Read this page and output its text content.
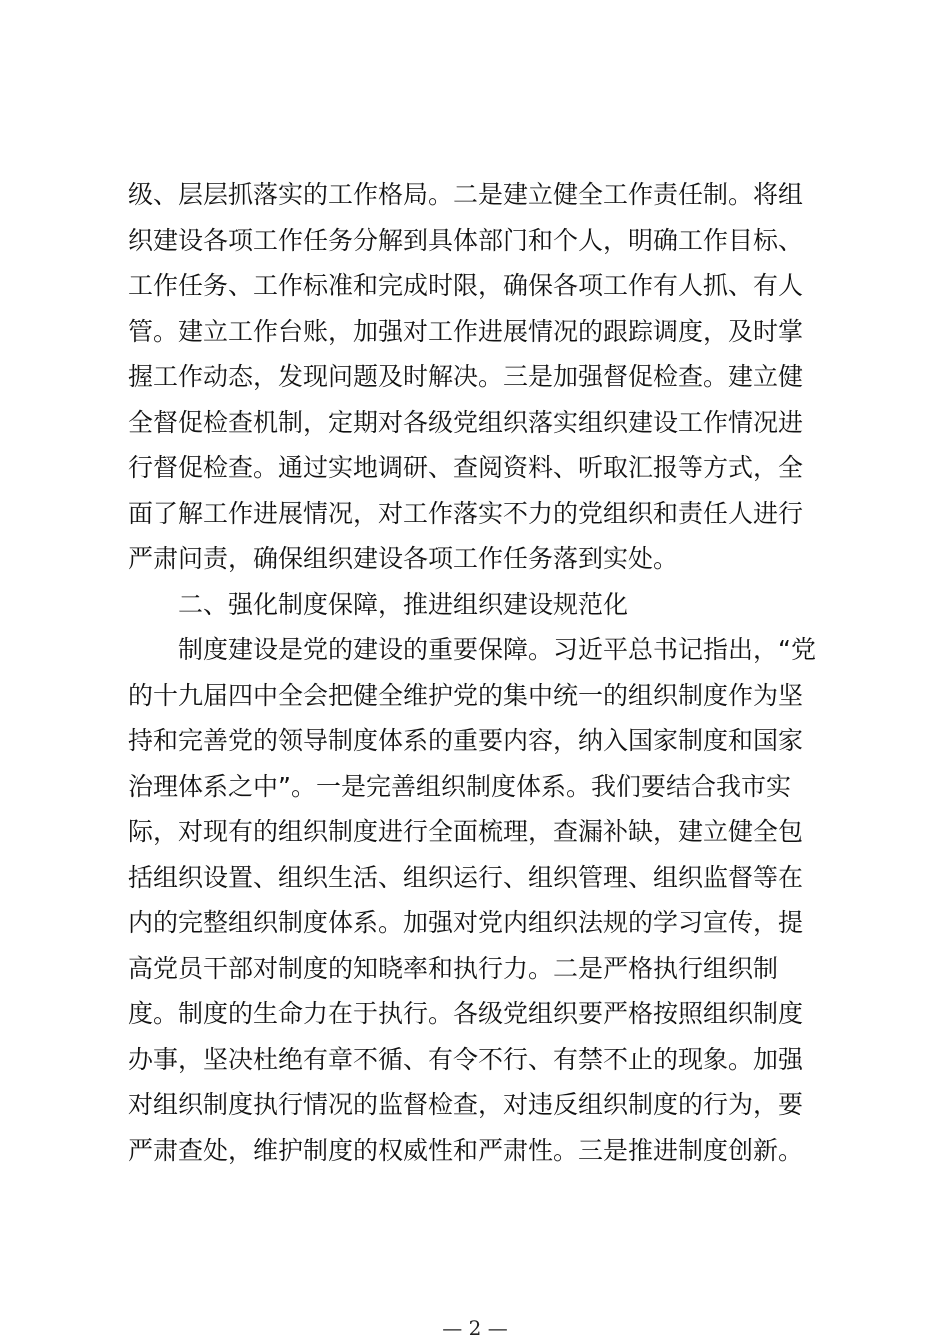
级、层层抓落实的工作格局。二是建立健全工作责任制。将组
织建设各项工作任务分解到具体部门和个人，明确工作目标、
工作任务、工作标准和完成时限，确保各项工作有人抓、有人
管。建立工作台账，加强对工作进展情况的跟踪调度，及时掌
握工作动态，发现问题及时解决。三是加强督促检查。建立健
全督促检查机制，定期对各级党组织落实组织建设工作情况进
行督促检查。通过实地调研、查阅资料、听取汇报等方式，全
面了解工作进展情况，对工作落实不力的党组织和责任人进行
严肃问责，确保组织建设各项工作任务落到实处。
　　二、强化制度保障，推进组织建设规范化
　　制度建设是党的建设的重要保障。习近平总书记指出，“党
的十九届四中全会把健全维护党的集中统一的组织制度作为坚
持和完善党的领导制度体系的重要内容，纳入国家制度和国家
治理体系之中”。一是完善组织制度体系。我们要结合我市实
际，对现有的组织制度进行全面梳理，查漏补缺，建立健全包
括组织设置、组织生活、组织运行、组织管理、组织监督等在
内的完整组织制度体系。加强对党内组织法规的学习宣传，提
高党员干部对制度的知晓率和执行力。二是严格执行组织制
度。制度的生命力在于执行。各级党组织要严格按照组织制度
办事，坚决杜绝有章不循、有令不行、有禁不止的现象。加强
对组织制度执行情况的监督检查，对违反组织制度的行为，要
严肃查处，维护制度的权威性和严肃性。三是推进制度创新。
— 2 —
